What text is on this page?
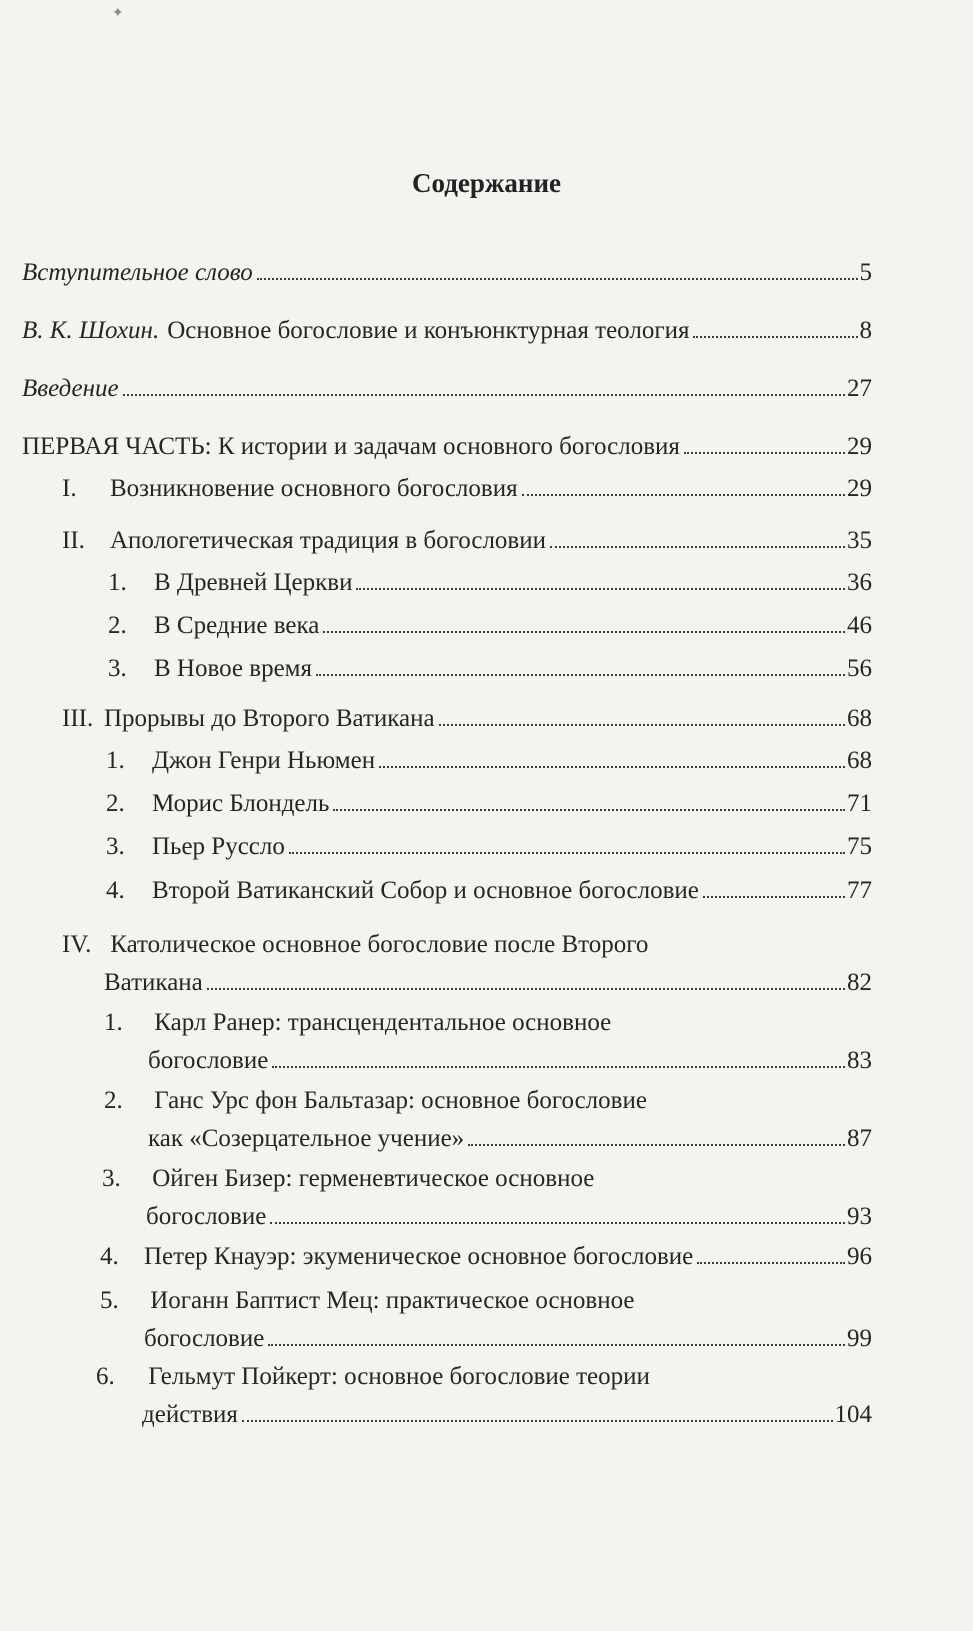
✦
Содержание
Вступительное слово	5
В. К. Шохин. Основное богословие и конъюнктурная теология	8
Введение	27
ПЕРВАЯ ЧАСТЬ: К истории и задачам основного богословия	29
I.	Возникновение основного богословия	29
II.	Апологетическая традиция в богословии	35
1.	В Древней Церкви	36
2.	В Средние века	46
3.	В Новое время	56
III. Прорывы до Второго Ватикана	68
1.	Джон Генри Ньюмен	68
2.	Морис Блондель	71
3.	Пьер Руссло	75
4.	Второй Ватиканский Собор и основное богословие	77
IV. Католическое основное богословие после Второго
Ватикана	82
1. Карл Ранер: трансцендентальное основное
богословие	83
2. Ганс Урс фон Бальтазар: основное богословие
как «Созерцательное учение»	87
3. Ойген Бизер: герменевтическое основное
богословие	93
4.	Петер Кнауэр: экуменическое основное богословие	96
5. Иоганн Баптист Мец: практическое основное
богословие	99
6. Гельмут Пойкерт: основное богословие теории
действия	104
